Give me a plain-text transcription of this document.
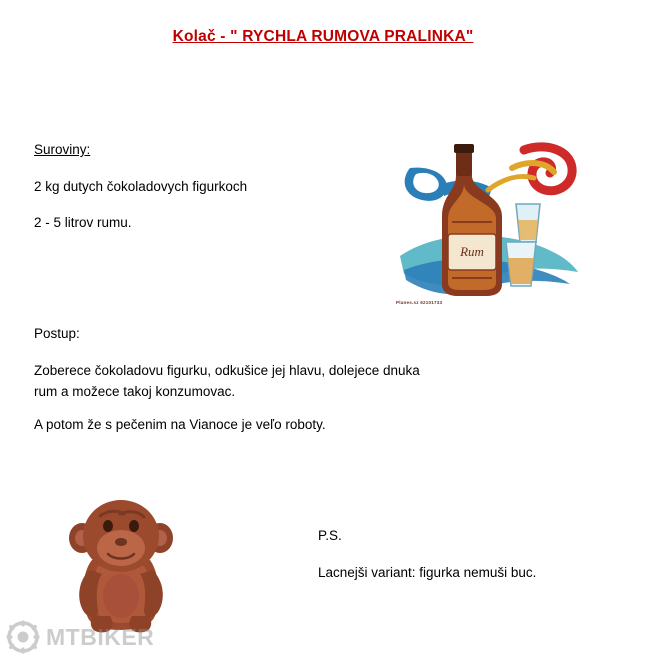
Kolač - " RYCHLA RUMOVA PRALINKA"
Suroviny:
2 kg dutych čokoladovych figurkoch
2 - 5 litrov rumu.
Postup:
Zoberece čokoladovu figurku, odkušice jej hlavu, dolejece dnuka rum a možece takoj konzumovac.
A potom že s pečenim na Vianoce je veľo roboty.
P.S.
Lacnejši variant: figurka nemuši buc.
Rum
Planes.sz 62101733
MTBIKER
